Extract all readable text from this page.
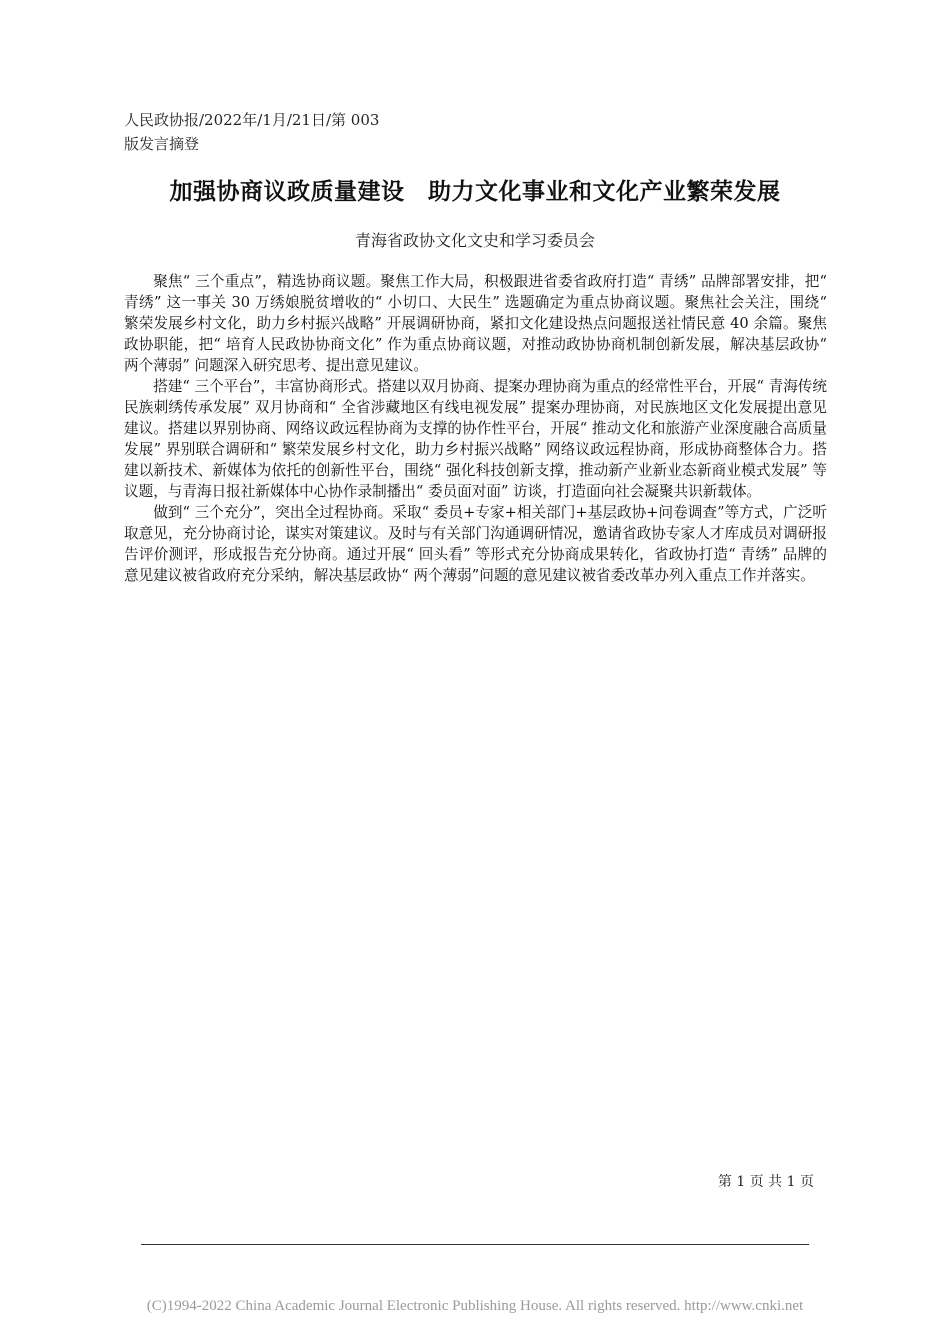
人民政协报/2022年/1月/21日/第 003
版发言摘登
加强协商议政质量建设　助力文化事业和文化产业繁荣发展
青海省政协文化文史和学习委员会

聚焦“ 三个重点”，精选协商议题。聚焦工作大局，积极跟进省委省政府打造“ 青绣” 品牌部署安排，把“ 青绣” 这一事关 30 万绣娘脱贫增收的“ 小切口、大民生” 选题确定为重点协商议题。聚焦社会关注，围绕“ 繁荣发展乡村文化，助力乡村振兴战略” 开展调研协商，紧扣文化建设热点问题报送社情民意 40 余篇。聚焦政协职能，把“ 培育人民政协协商文化” 作为重点协商议题，对推动政协协商机制创新发展，解决基层政协“ 两个薄弱” 问题深入研究思考、提出意见建议。

搭建“ 三个平台”，丰富协商形式。搭建以双月协商、提案办理协商为重点的经常性平台，开展“ 青海传统民族刺绣传承发展” 双月协商和“ 全省涉藏地区有线电视发展” 提案办理协商，对民族地区文化发展提出意见建议。搭建以界别协商、网络议政远程协商为支撑的协作性平台，开展“ 推动文化和旅游产业深度融合高质量发展” 界别联合调研和“ 繁荣发展乡村文化，助力乡村振兴战略” 网络议政远程协商，形成协商整体合力。搭建以新技术、新媒体为依托的创新性平台，围绕“ 强化科技创新支撑，推动新产业新业态新商业模式发展” 等议题，与青海日报社新媒体中心协作录制播出“ 委员面对面” 访谈，打造面向社会凝聚共识新载体。

做到“ 三个充分”，突出全过程协商。采取“ 委员+专家+相关部门+基层政协+问卷调查”等方式，广泛听取意见，充分协商讨论，谋实对策建议。及时与有关部门沟通调研情况，邀请省政协专家人才库成员对调研报告评价测评，形成报告充分协商。通过开展“ 回头看” 等形式充分协商成果转化，省政协打造“ 青绣” 品牌的意见建议被省政府充分采纳，解决基层政协“ 两个薄弱”问题的意见建议被省委改革办列入重点工作并落实。

第 1 页 共 1 页
(C)1994-2022 China Academic Journal Electronic Publishing House. All rights reserved. http://www.cnki.net
